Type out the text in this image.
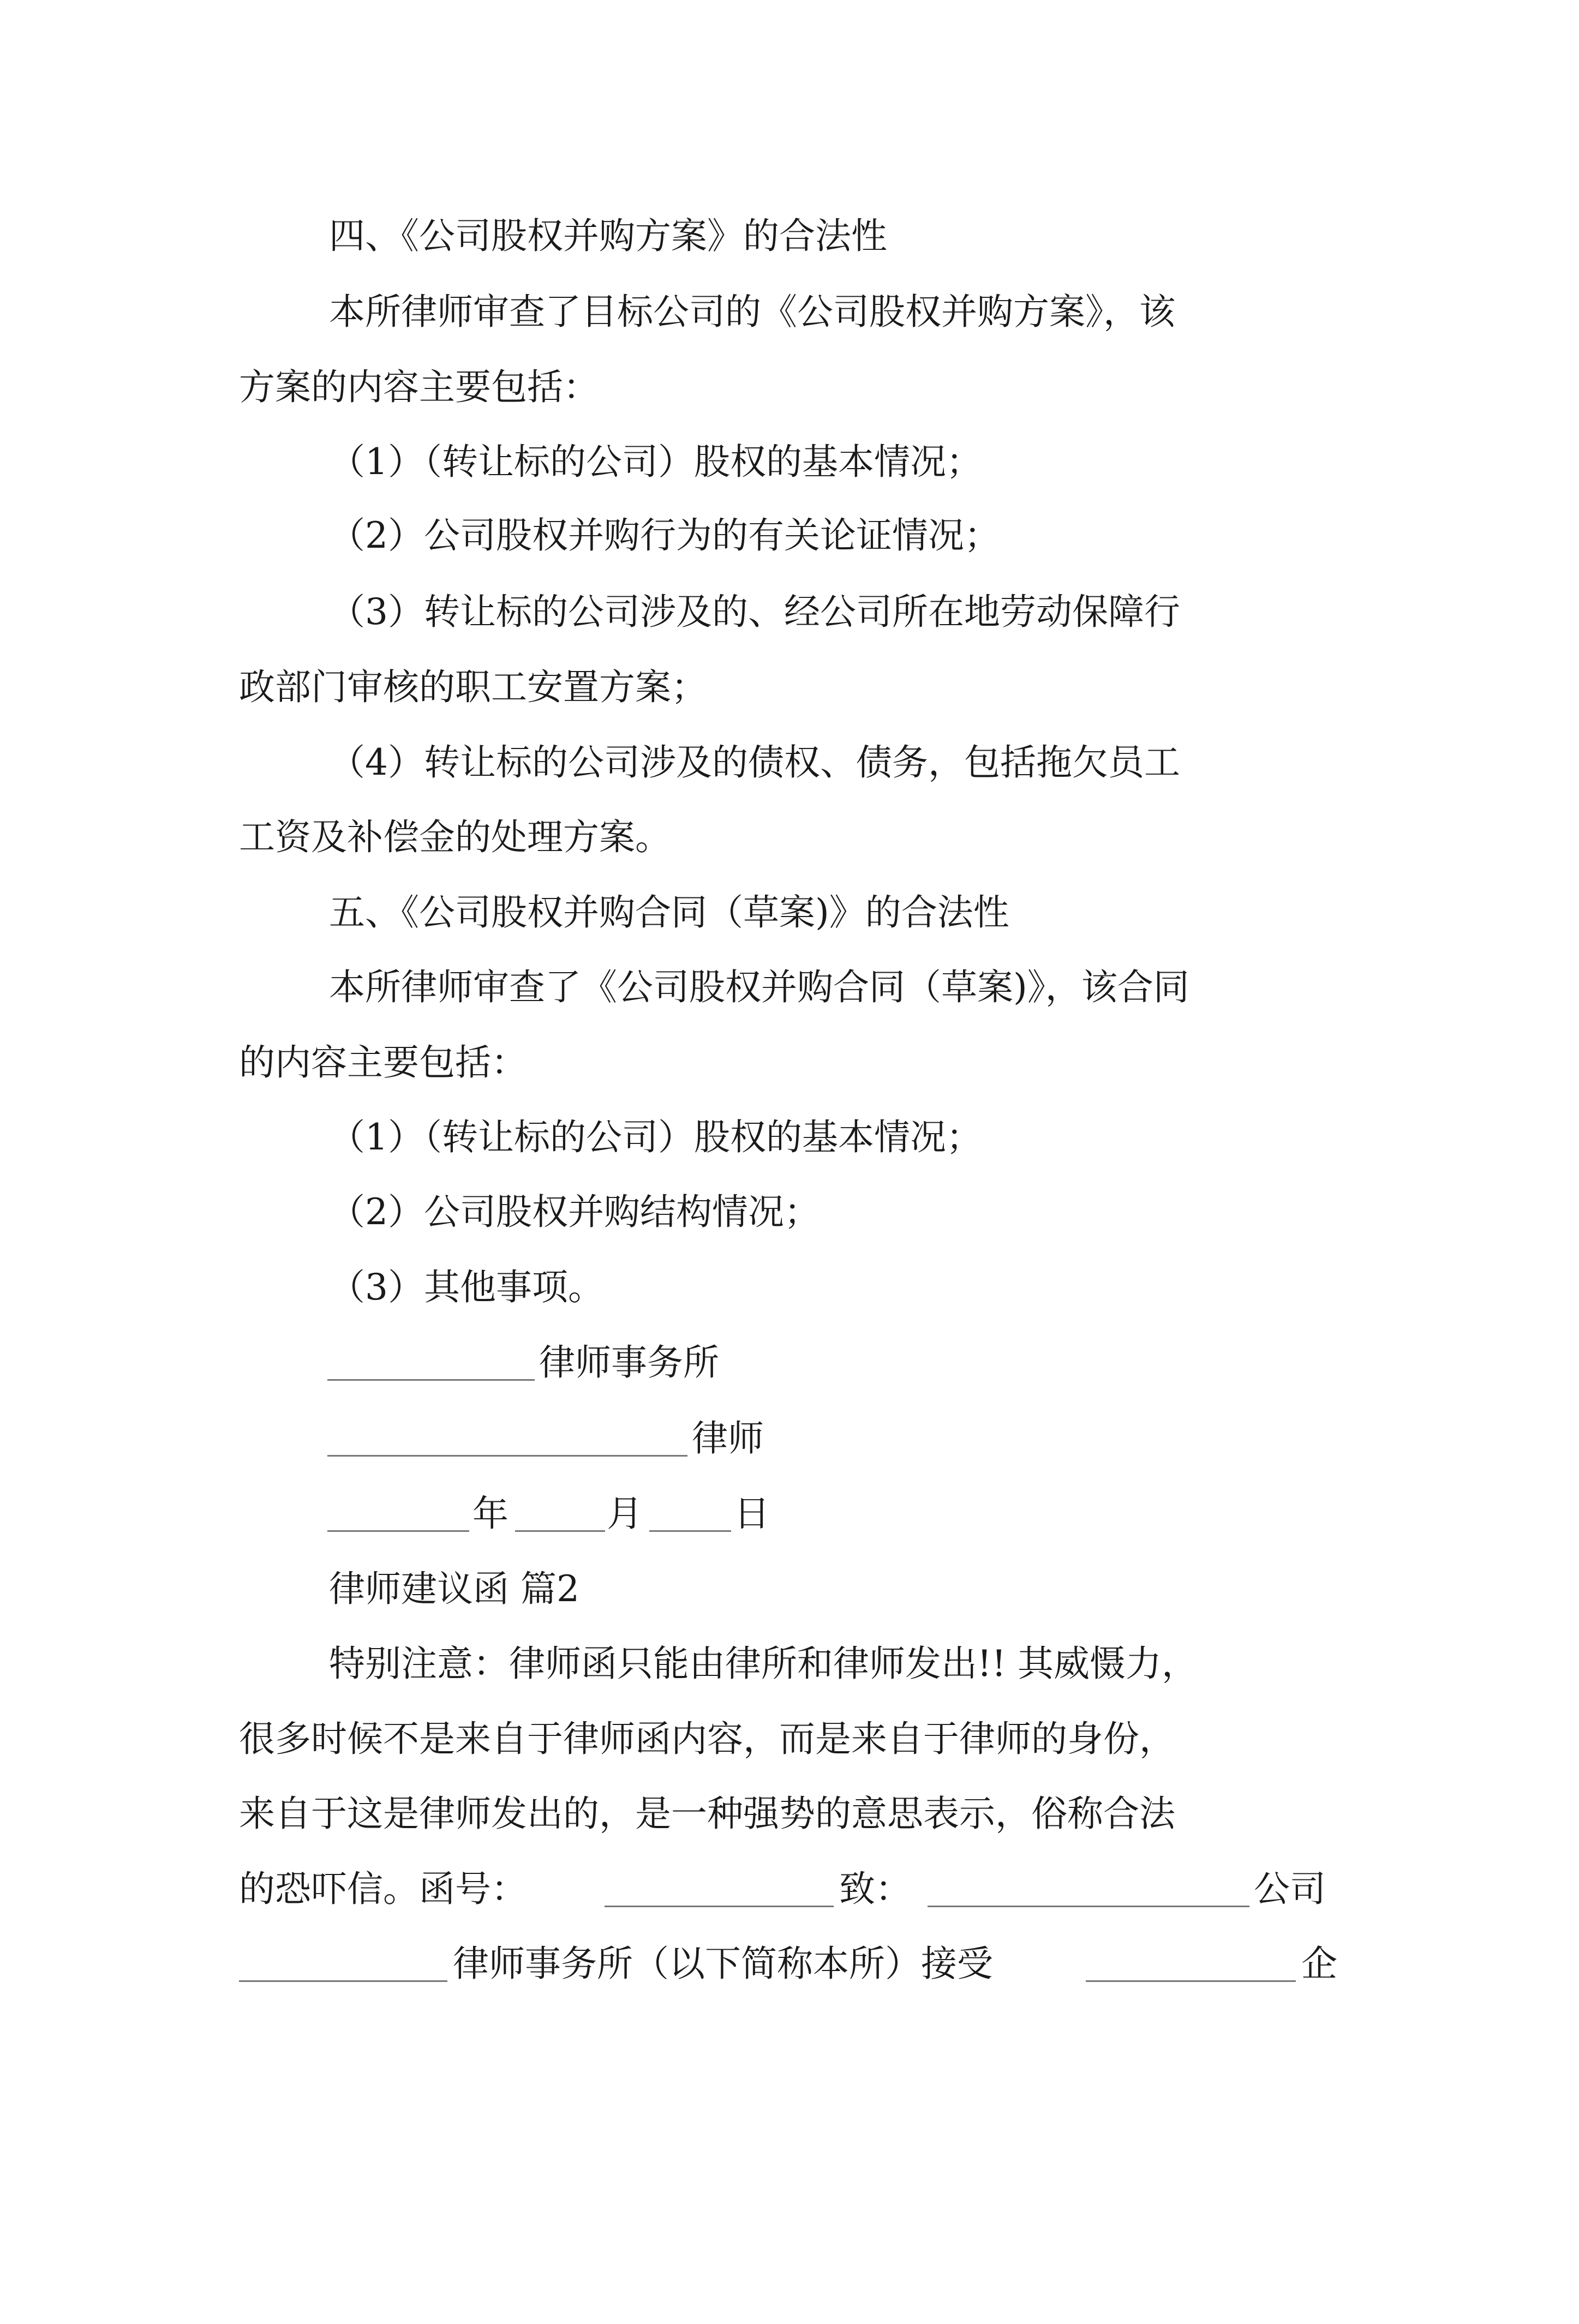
四、《公司股权并购方案》的合法性

本所律师审查了目标公司的《公司股权并购方案》，该

方案的内容主要包括：

（1）（转让标的公司）股权的基本情况；

（2）公司股权并购行为的有关论证情况；

（3）转让标的公司涉及的、经公司所在地劳动保障行

政部门审核的职工安置方案；

（4）转让标的公司涉及的债权、债务，包括拖欠员工

工资及补偿金的处理方案。

五、《公司股权并购合同（草案)》的合法性

本所律师审查了《公司股权并购合同（草案)》，该合同

的内容主要包括：

（1）（转让标的公司）股权的基本情况；

（2）公司股权并购结构情况；

（3）其他事项。

律师事务所

律师

年

	月

	日

律师建议函 篇2

特别注意：律师函只能由律所和律师发出!! 其威慑力，

很多时候不是来自于律师函内容，而是来自于律师的身份，

来自于这是律师发出的，是一种强势的意思表示，俗称合法

的恐吓信。函号：

	致：

	公司

律师事务所（以下简称本所）接受

	企
